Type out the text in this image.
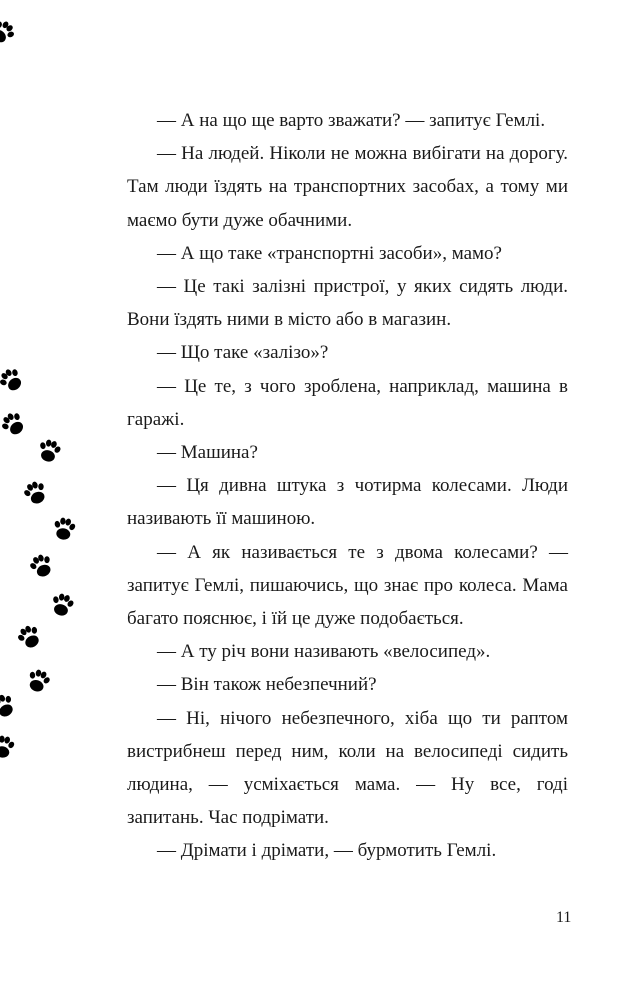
— А на що ще варто зважати? — запитує Гемлі.

— На людей. Ніколи не можна вибігати на дорогу. Там люди їздять на транспортних засобах, а тому ми маємо бути дуже обачними.

— А що таке «транспортні засоби», мамо?

— Це такі залізні пристрої, у яких сидять люди. Вони їздять ними в місто або в магазин.

— Що таке «залізо»?

— Це те, з чого зроблена, наприклад, машина в гаражі.

— Машина?

— Ця дивна штука з чотирма колесами. Люди називають її машиною.

— А як називається те з двома колесами? — запитує Гемлі, пишаючись, що знає про колеса. Мама багато пояснює, і їй це дуже подобається.

— А ту річ вони називають «велосипед».

— Він також небезпечний?

— Ні, нічого небезпечного, хіба що ти раптом вистрибнеш перед ним, коли на велосипеді сидить людина, — усміхається мама. — Ну все, годі запитань. Час подрімати.

— Дрімати і дрімати, — бурмотить Гемлі.

11
